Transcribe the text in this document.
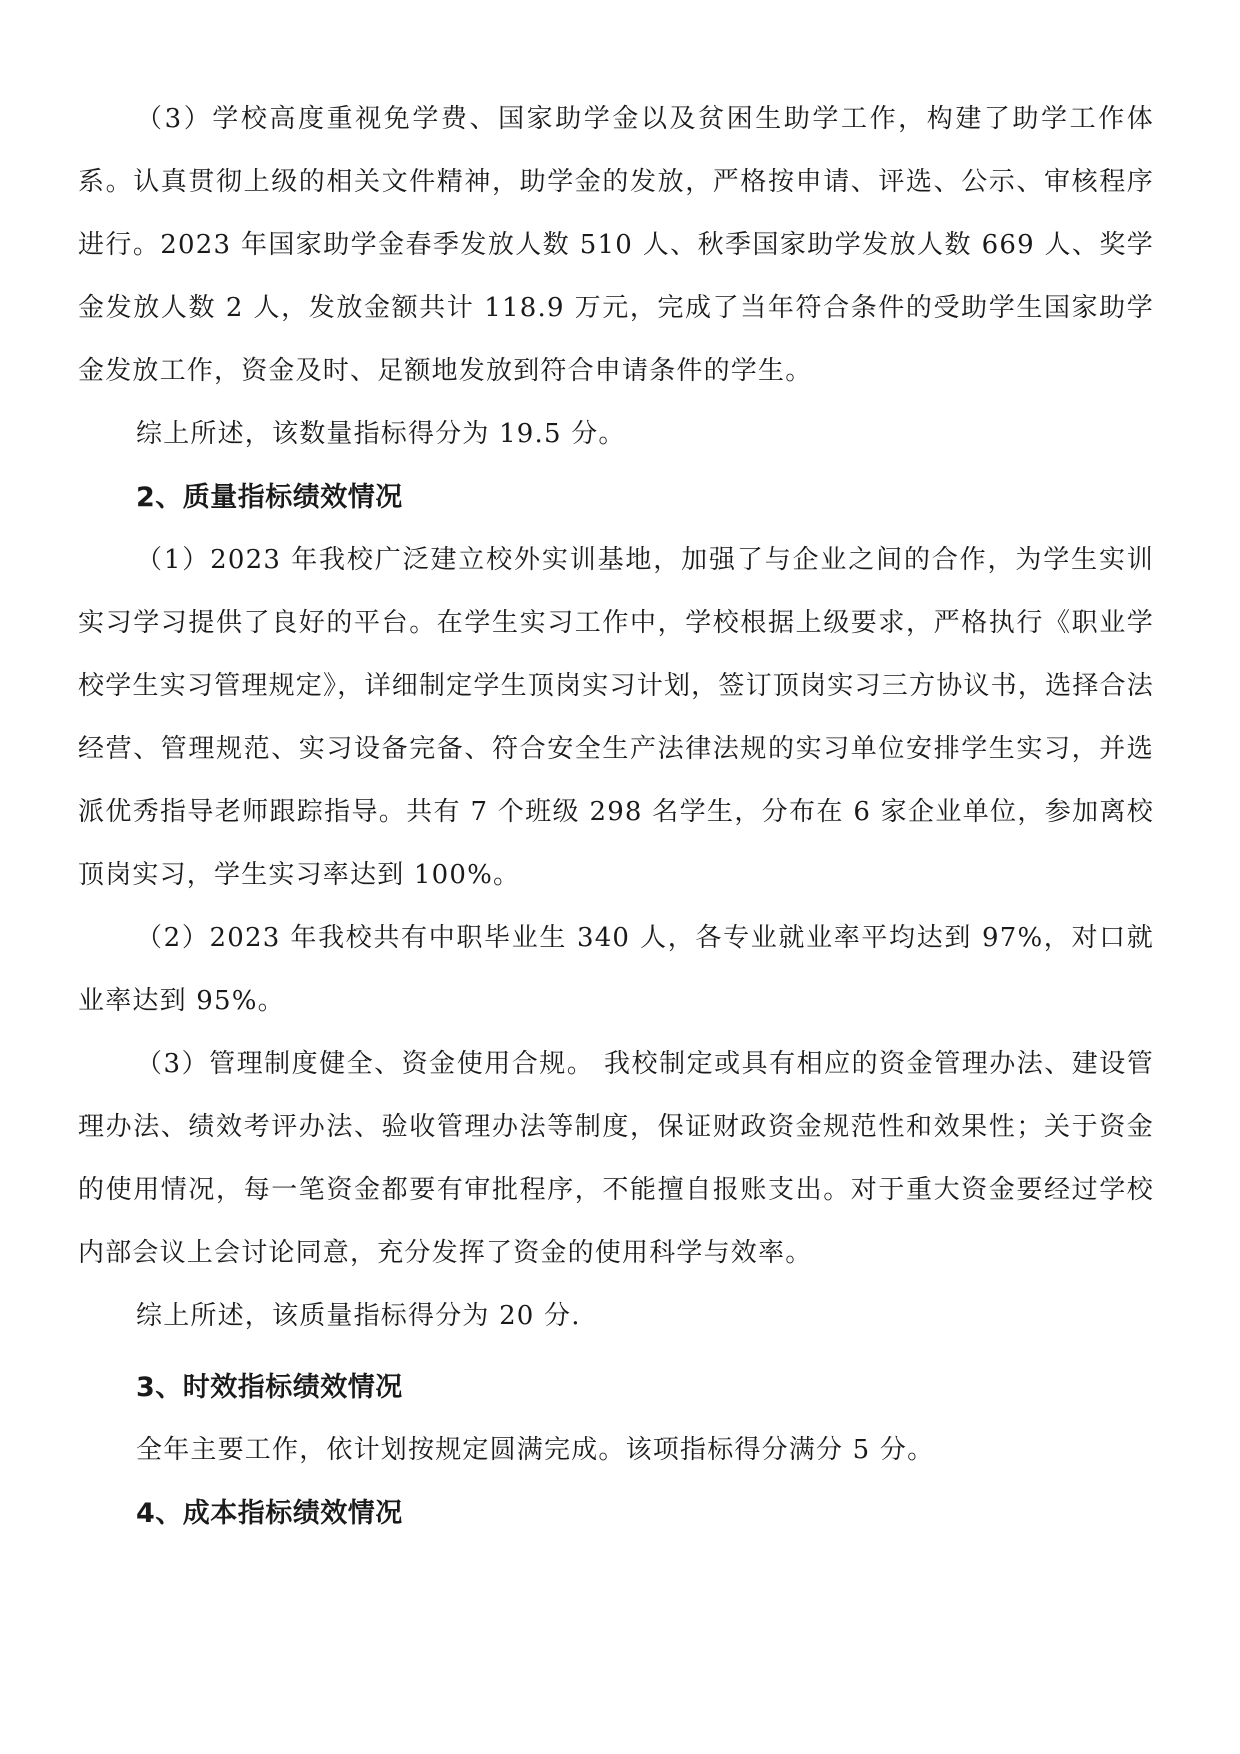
（3）学校高度重视免学费、国家助学金以及贫困生助学工作，构建了助学工作体系。认真贯彻上级的相关文件精神，助学金的发放，严格按申请、评选、公示、审核程序进行。2023 年国家助学金春季发放人数 510 人、秋季国家助学发放人数 669 人、奖学金发放人数 2 人，发放金额共计 118.9 万元，完成了当年符合条件的受助学生国家助学金发放工作，资金及时、足额地发放到符合申请条件的学生。

综上所述，该数量指标得分为 19.5 分。

2、质量指标绩效情况

（1）2023 年我校广泛建立校外实训基地，加强了与企业之间的合作，为学生实训实习学习提供了良好的平台。在学生实习工作中，学校根据上级要求，严格执行《职业学校学生实习管理规定》，详细制定学生顶岗实习计划，签订顶岗实习三方协议书，选择合法经营、管理规范、实习设备完备、符合安全生产法律法规的实习单位安排学生实习，并选派优秀指导老师跟踪指导。共有 7 个班级 298 名学生，分布在 6 家企业单位，参加离校顶岗实习，学生实习率达到 100%。

（2）2023 年我校共有中职毕业生 340 人，各专业就业率平均达到 97%，对口就业率达到 95%。

（3）管理制度健全、资金使用合规。 我校制定或具有相应的资金管理办法、建设管理办法、绩效考评办法、验收管理办法等制度，保证财政资金规范性和效果性；关于资金的使用情况，每一笔资金都要有审批程序，不能擅自报账支出。对于重大资金要经过学校内部会议上会讨论同意，充分发挥了资金的使用科学与效率。

综上所述，该质量指标得分为 20 分.

3、时效指标绩效情况

全年主要工作，依计划按规定圆满完成。该项指标得分满分 5 分。

4、成本指标绩效情况
